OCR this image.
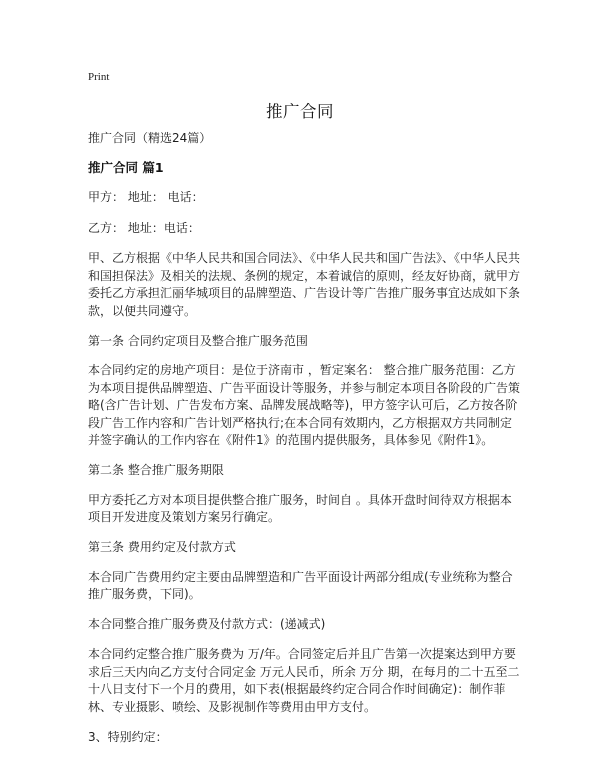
Print
推广合同

推广合同（精选24篇）

推广合同 篇1

甲方： 地址： 电话：

乙方： 地址：电话：

甲、乙方根据《中华人民共和国合同法》、《中华人民共和国广告法》、《中华人民共和国担保法》及相关的法规、条例的规定，本着诚信的原则，经友好协商，就甲方委托乙方承担汇丽华城项目的品牌塑造、广告设计等广告推广服务事宜达成如下条款，以便共同遵守。

第一条 合同约定项目及整合推广服务范围

本合同约定的房地产项目：是位于济南市 ，暂定案名： 整合推广服务范围：乙方为本项目提供品牌塑造、广告平面设计等服务，并参与制定本项目各阶段的广告策略(含广告计划、广告发布方案、品牌发展战略等)，甲方签字认可后，乙方按各阶段广告工作内容和广告计划严格执行;在本合同有效期内，乙方根据双方共同制定并签字确认的工作内容在《附件1》的范围内提供服务，具体参见《附件1》。

第二条 整合推广服务期限

甲方委托乙方对本项目提供整合推广服务，时间自 。具体开盘时间待双方根据本项目开发进度及策划方案另行确定。

第三条 费用约定及付款方式

本合同广告费用约定主要由品牌塑造和广告平面设计两部分组成(专业统称为整合推广服务费，下同)。

本合同整合推广服务费及付款方式：(递减式)

本合同约定整合推广服务费为 万/年。合同签定后并且广告第一次提案达到甲方要求后三天内向乙方支付合同定金 万元人民币，所余 万分 期，在每月的二十五至二十八日支付下一个月的费用，如下表(根据最终约定合同合作时间确定)：制作菲林、专业摄影、喷绘、及影视制作等费用由甲方支付。

3、特别约定：
